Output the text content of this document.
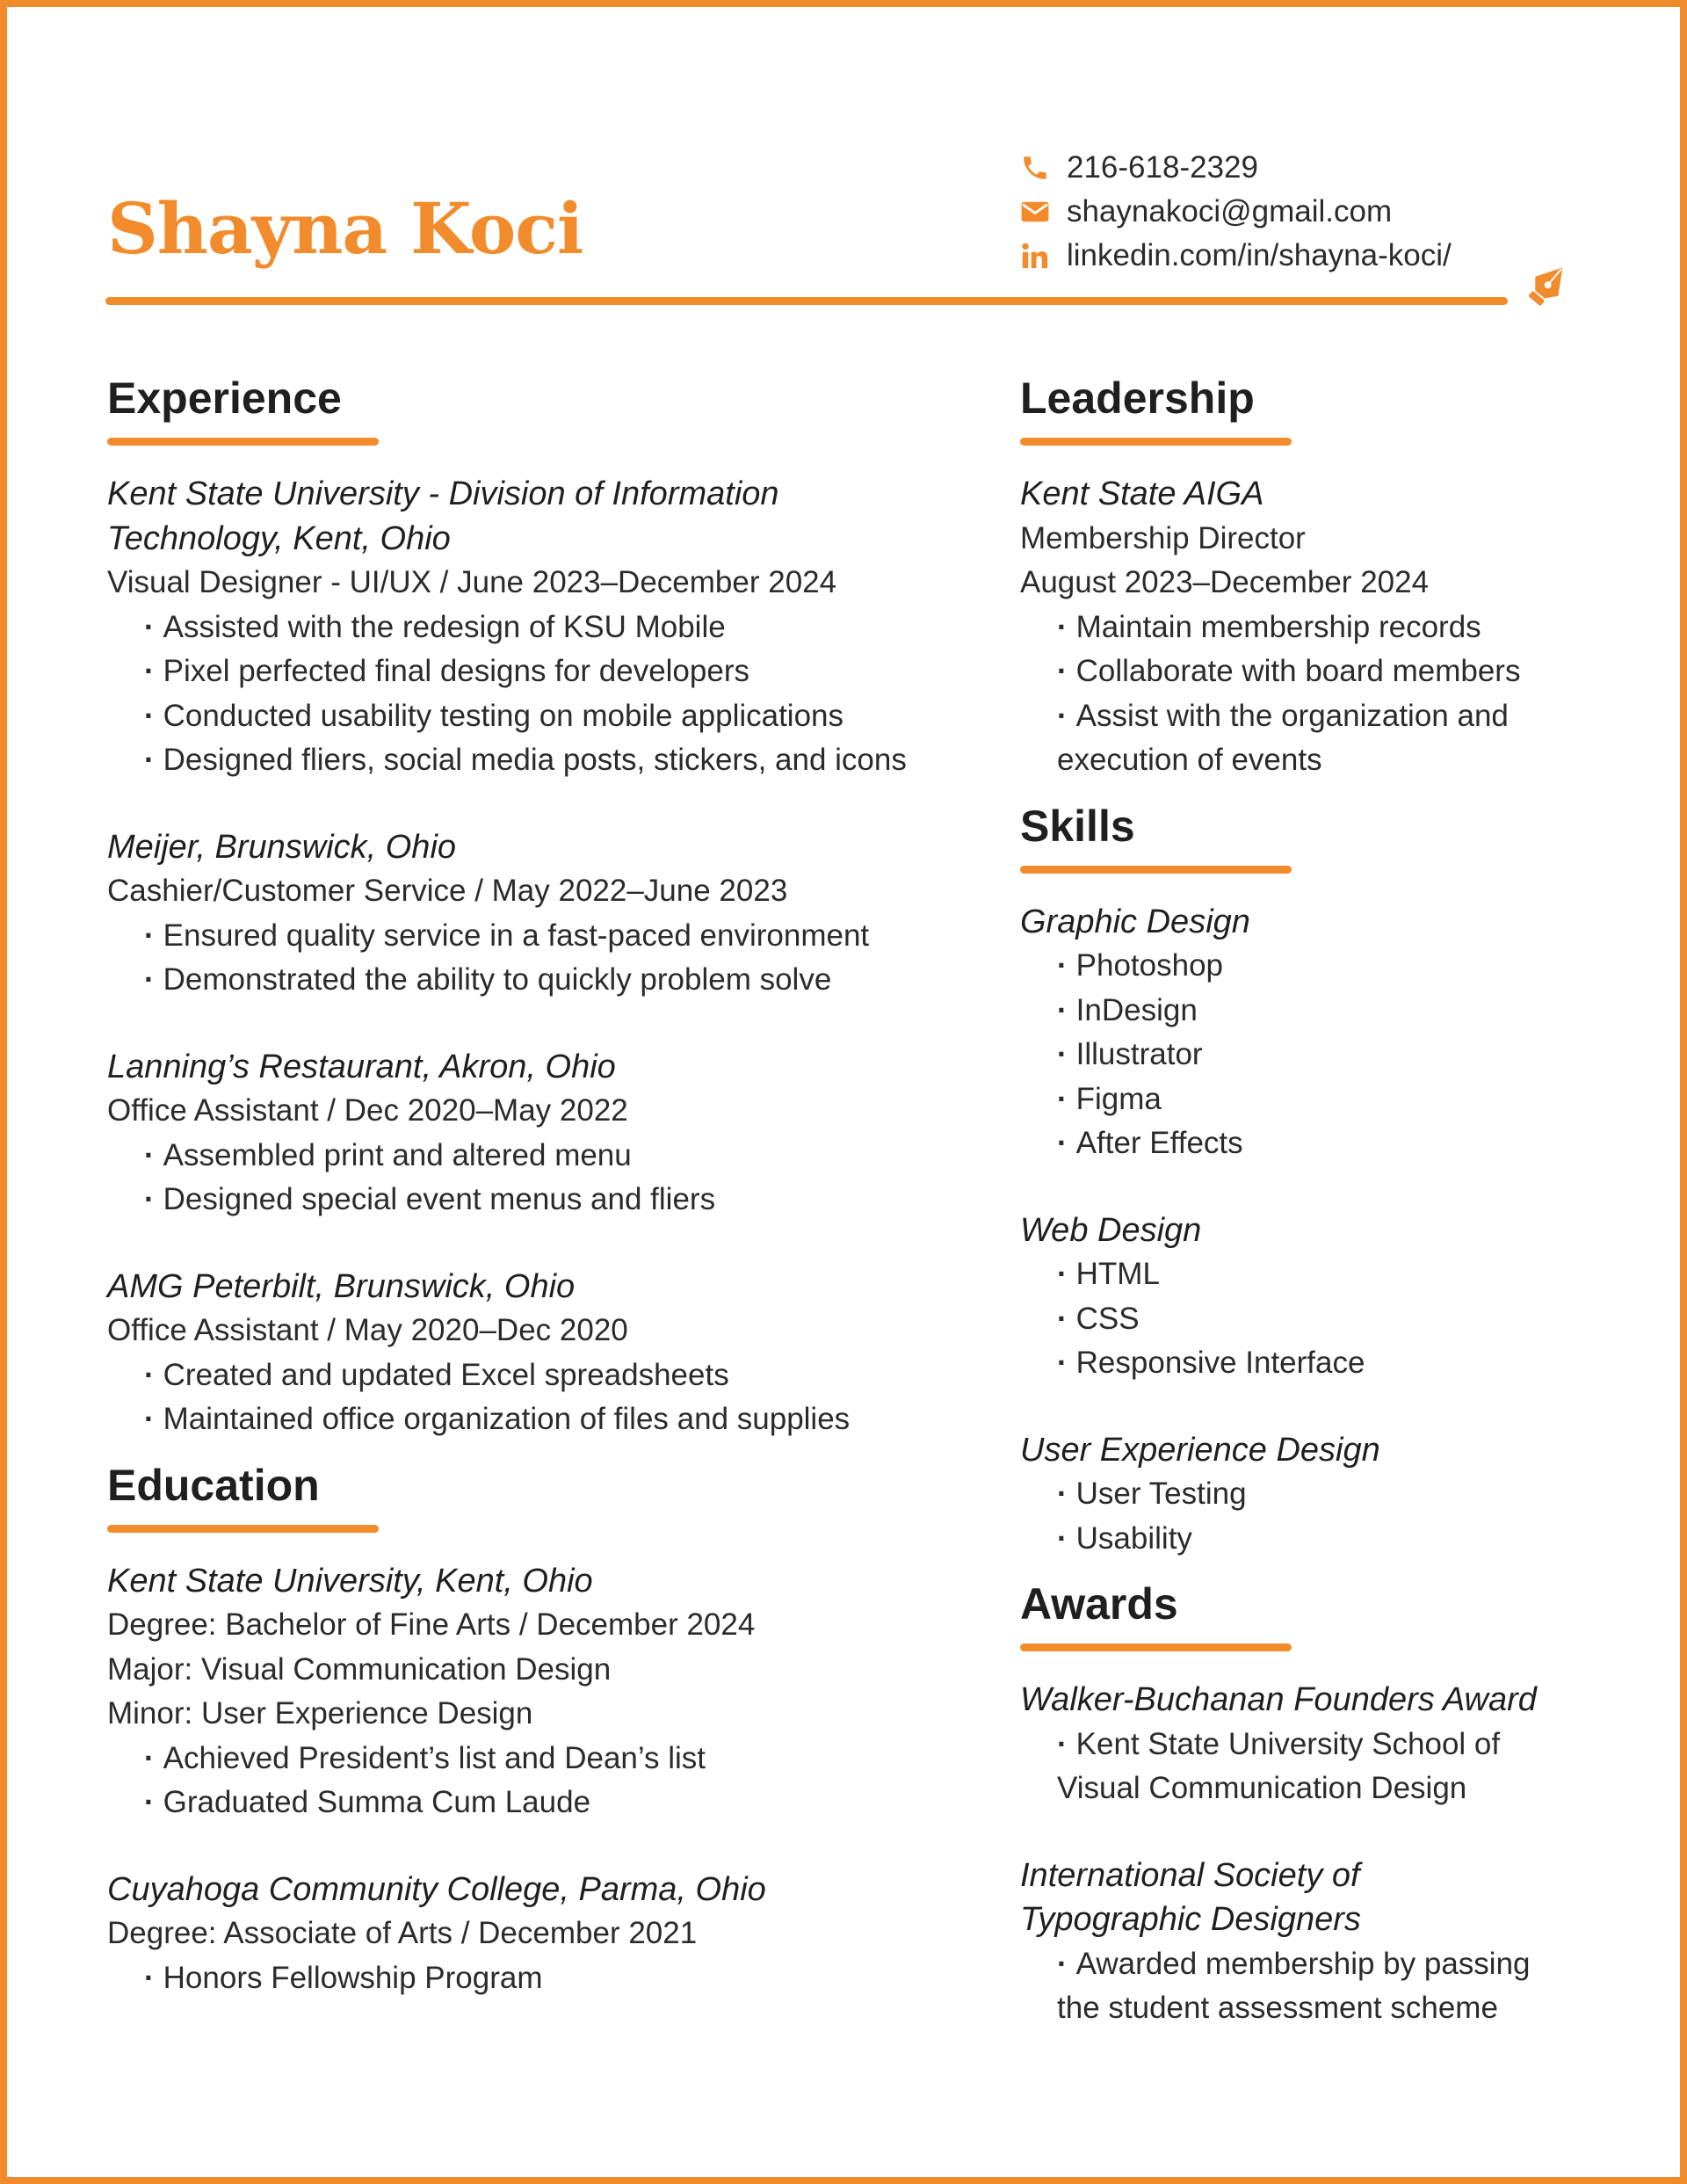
Shayna Koci
216-618-2329
shaynakoci@gmail.com
linkedin.com/in/shayna-koci/
Experience

Kent State University - Division of Information

Technology, Kent, Ohio

Visual Designer - UI/UX / June 2023–December 2024

· Assisted with the redesign of KSU Mobile

· Pixel perfected final designs for developers

· Conducted usability testing on mobile applications

· Designed fliers, social media posts, stickers, and icons

Meijer, Brunswick, Ohio

Cashier/Customer Service / May 2022–June 2023

· Ensured quality service in a fast-paced environment

· Demonstrated the ability to quickly problem solve

Lanning’s Restaurant, Akron, Ohio

Office Assistant / Dec 2020–May 2022

· Assembled print and altered menu

· Designed special event menus and fliers

AMG Peterbilt, Brunswick, Ohio

Office Assistant / May 2020–Dec 2020

· Created and updated Excel spreadsheets

· Maintained office organization of files and supplies

Education

Kent State University, Kent, Ohio

Degree: Bachelor of Fine Arts / December 2024

Major: Visual Communication Design

Minor: User Experience Design

· Achieved President’s list and Dean’s list

· Graduated Summa Cum Laude

Cuyahoga Community College, Parma, Ohio

Degree: Associate of Arts / December 2021

· Honors Fellowship Program

Leadership

Kent State AIGA

Membership Director

August 2023–December 2024

· Maintain membership records

· Collaborate with board members

· Assist with the organization and

execution of events

Skills

Graphic Design

· Photoshop

· InDesign

· Illustrator

· Figma

· After Effects

Web Design

· HTML

· CSS

· Responsive Interface

User Experience Design

· User Testing

· Usability

Awards

Walker-Buchanan Founders Award

· Kent State University School of

Visual Communication Design

International Society of

Typographic Designers

· Awarded membership by passing

the student assessment scheme
